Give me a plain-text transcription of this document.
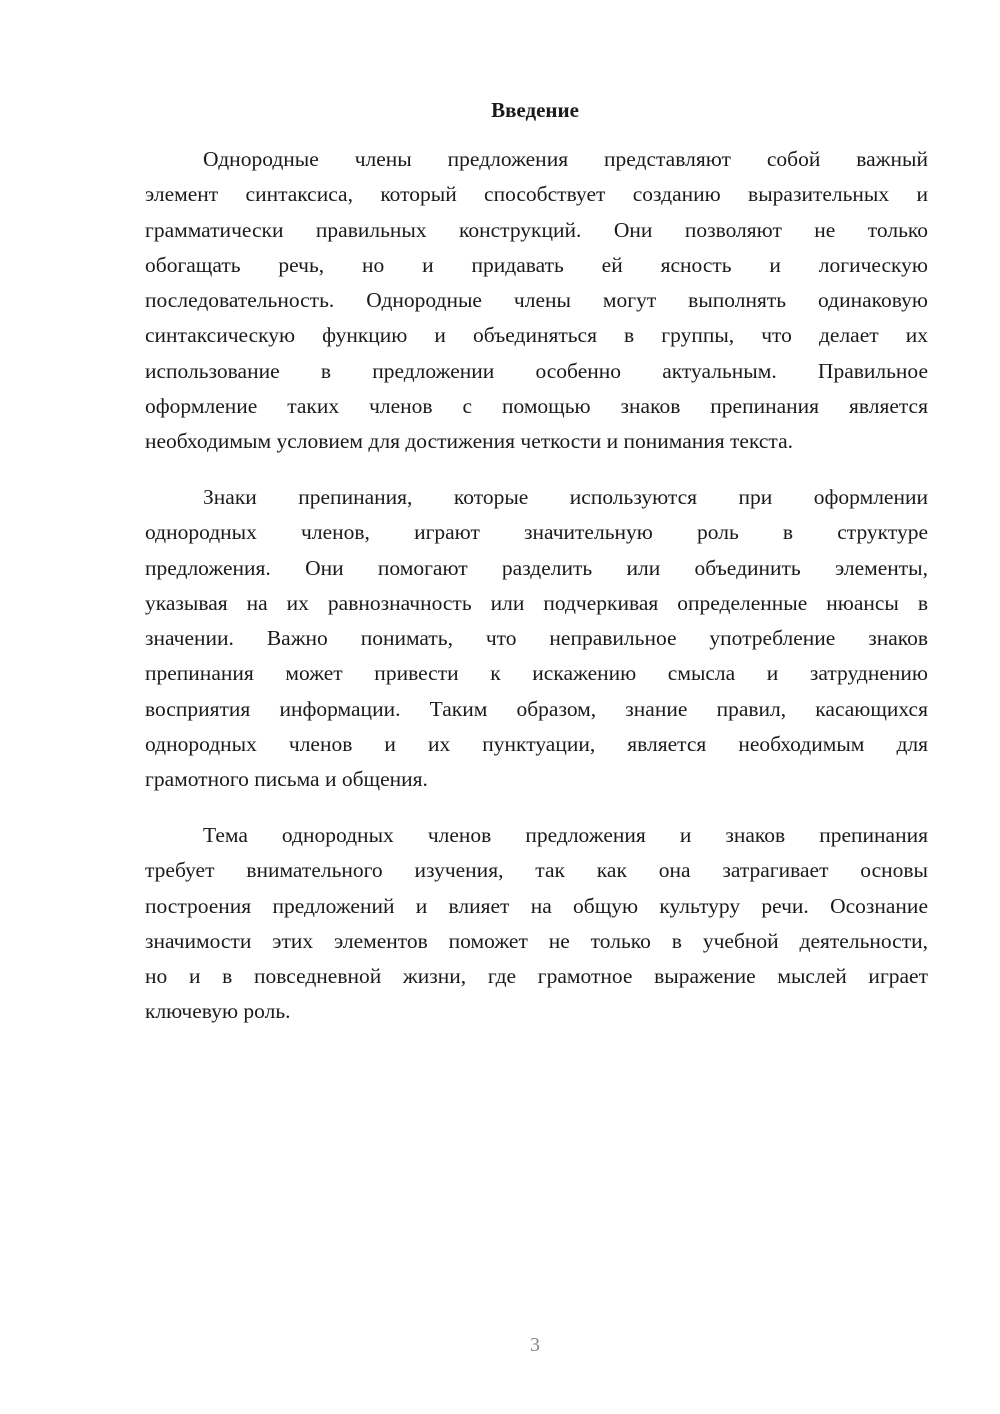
Введение
Однородные члены предложения представляют собой важный
элемент синтаксиса, который способствует созданию выразительных и
грамматически правильных конструкций. Они позволяют не только
обогащать речь, но и придавать ей ясность и логическую
последовательность. Однородные члены могут выполнять одинаковую
синтаксическую функцию и объединяться в группы, что делает их
использование в предложении особенно актуальным. Правильное
оформление таких членов с помощью знаков препинания является
необходимым условием для достижения четкости и понимания текста.
Знаки препинания, которые используются при оформлении
однородных членов, играют значительную роль в структуре
предложения. Они помогают разделить или объединить элементы,
указывая на их равнозначность или подчеркивая определенные нюансы в
значении. Важно понимать, что неправильное употребление знаков
препинания может привести к искажению смысла и затруднению
восприятия информации. Таким образом, знание правил, касающихся
однородных членов и их пунктуации, является необходимым для
грамотного письма и общения.
Тема однородных членов предложения и знаков препинания
требует внимательного изучения, так как она затрагивает основы
построения предложений и влияет на общую культуру речи. Осознание
значимости этих элементов поможет не только в учебной деятельности,
но и в повседневной жизни, где грамотное выражение мыслей играет
ключевую роль.
3
